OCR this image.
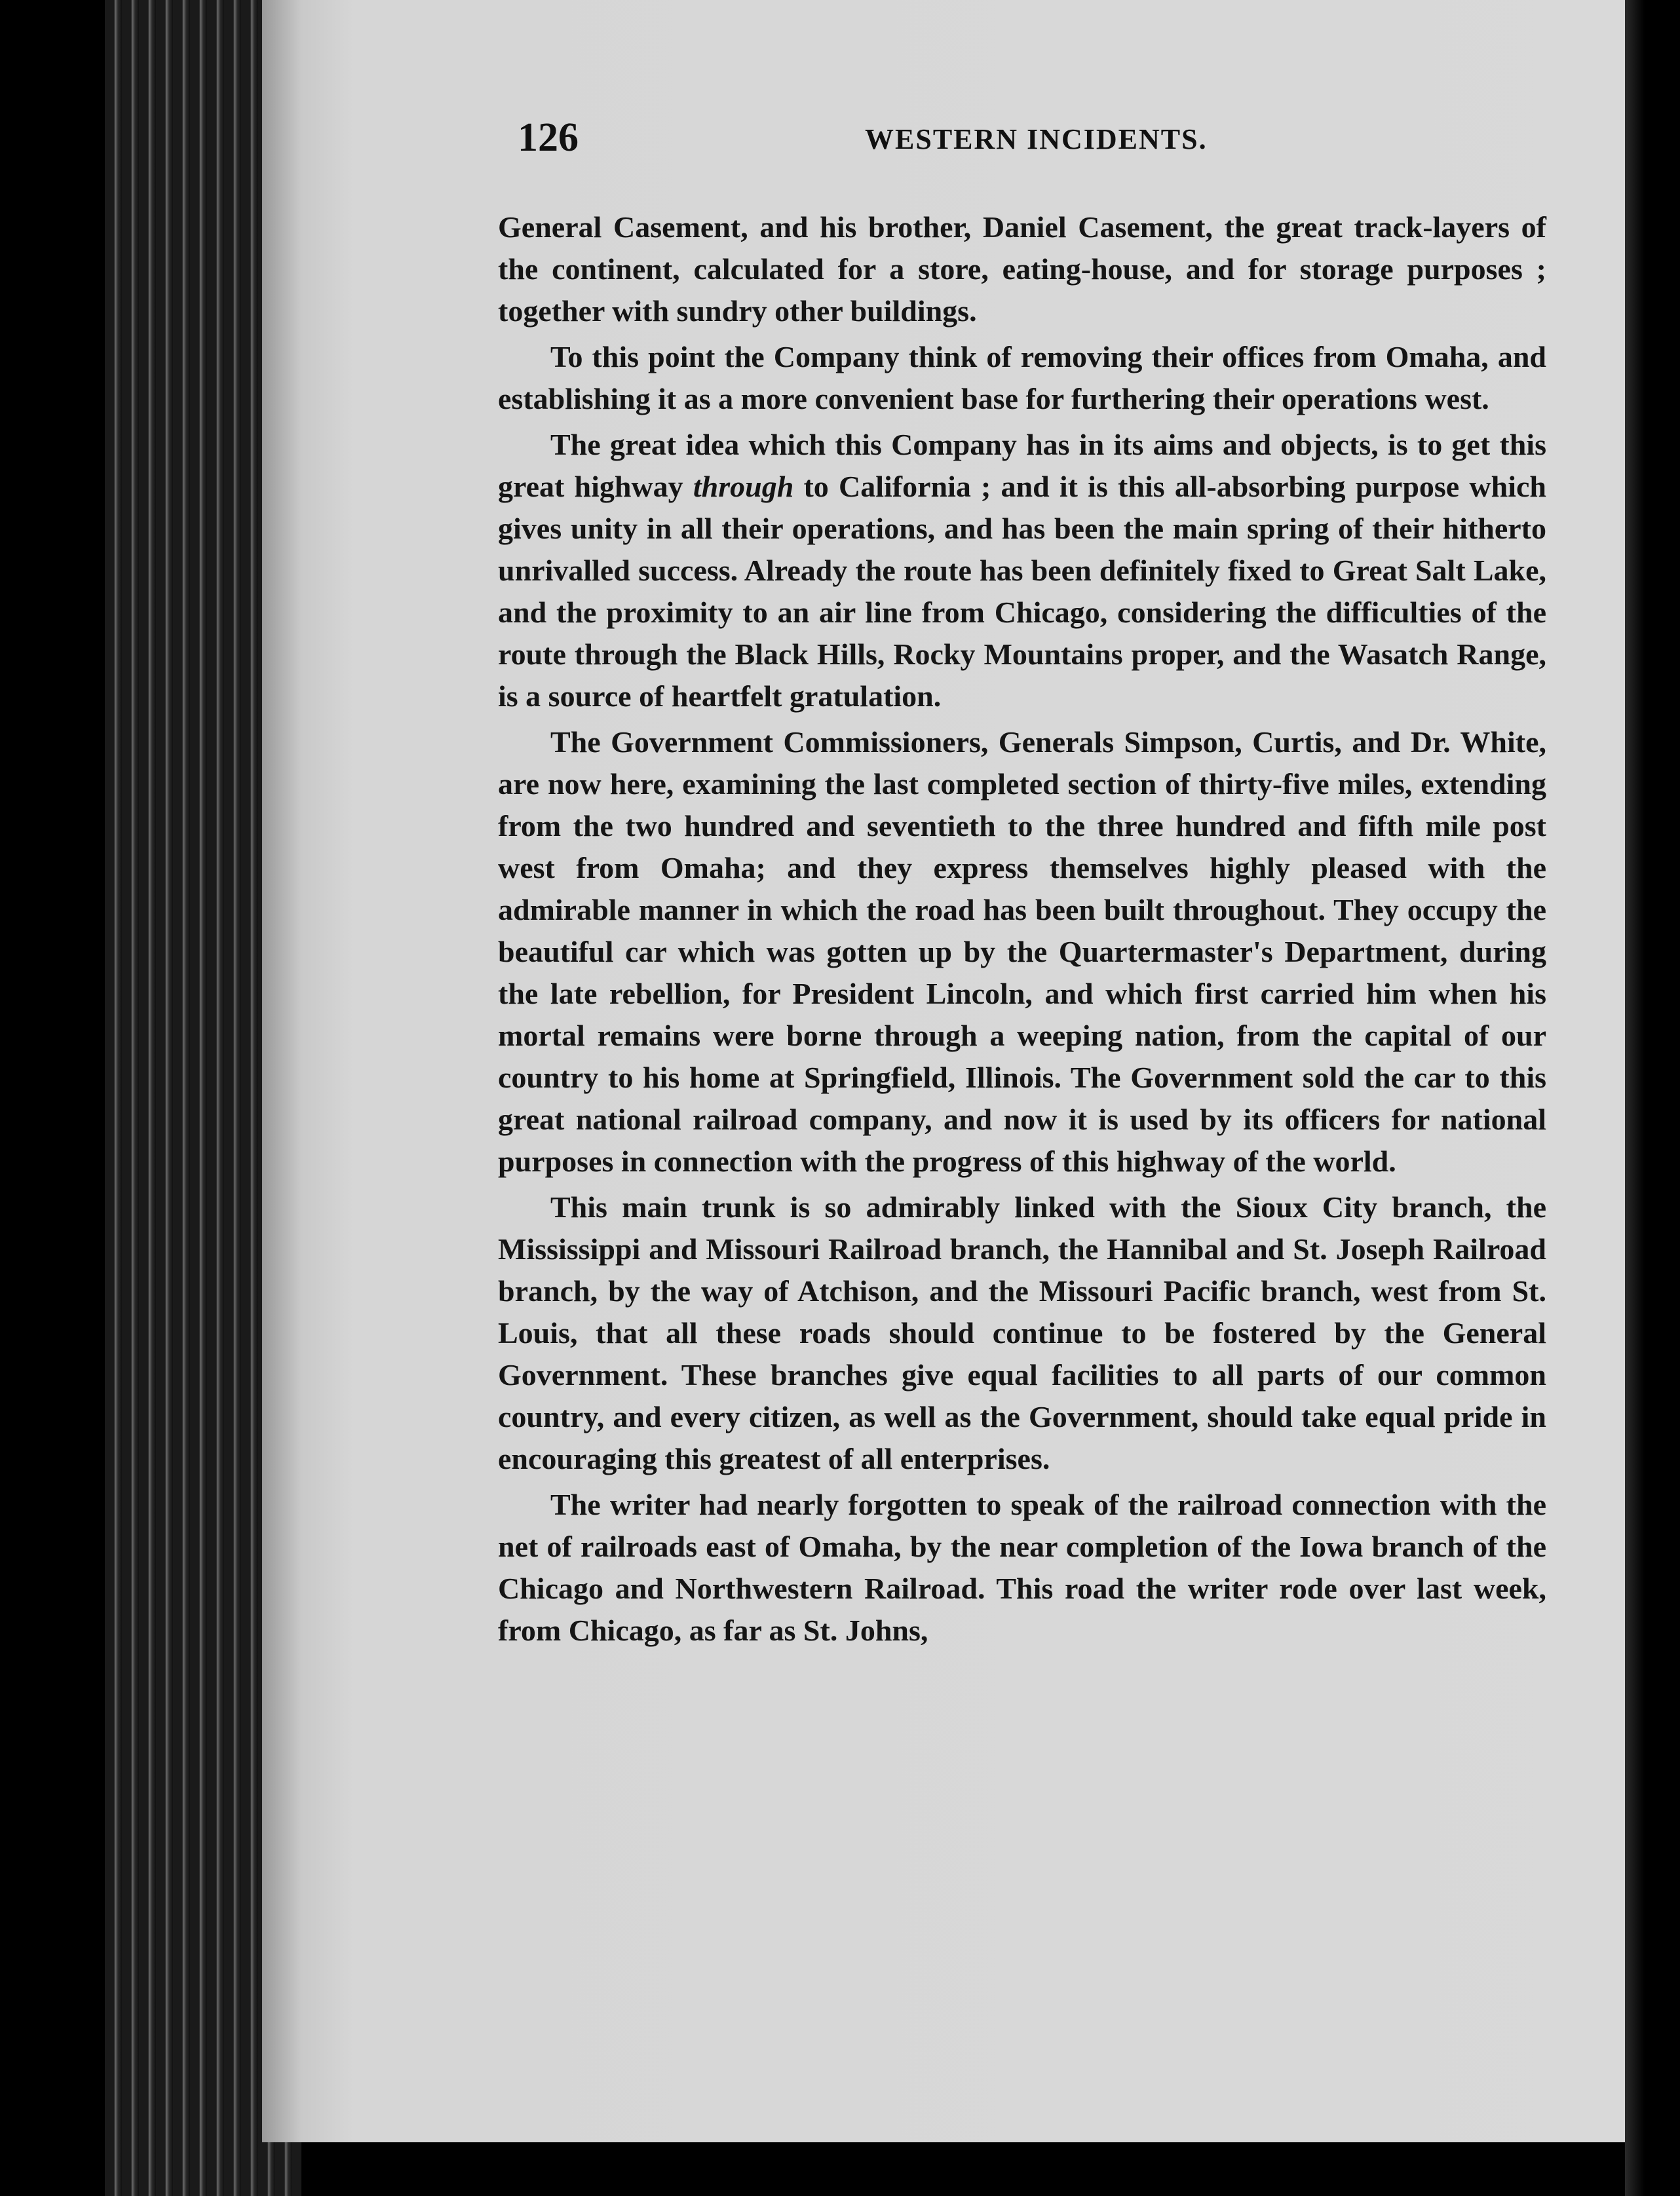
126	WESTERN INCIDENTS.

General Casement, and his brother, Daniel Casement, the great track-layers of the continent, calculated for a store, eating-house, and for storage purposes ; together with sundry other buildings.

To this point the Company think of removing their offices from Omaha, and establishing it as a more convenient base for furthering their operations west.

The great idea which this Company has in its aims and objects, is to get this great highway through to California ; and it is this all-absorbing purpose which gives unity in all their operations, and has been the main spring of their hitherto unrivalled success. Already the route has been definitely fixed to Great Salt Lake, and the proximity to an air line from Chicago, considering the difficulties of the route through the Black Hills, Rocky Mountains proper, and the Wasatch Range, is a source of heartfelt gratulation.

The Government Commissioners, Generals Simpson, Curtis, and Dr. White, are now here, examining the last completed section of thirty-five miles, extending from the two hundred and seventieth to the three hundred and fifth mile post west from Omaha; and they express themselves highly pleased with the admirable manner in which the road has been built throughout. They occupy the beautiful car which was gotten up by the Quartermaster's Department, during the late rebellion, for President Lincoln, and which first carried him when his mortal remains were borne through a weeping nation, from the capital of our country to his home at Springfield, Illinois. The Government sold the car to this great national railroad company, and now it is used by its officers for national purposes in connection with the progress of this highway of the world.

This main trunk is so admirably linked with the Sioux City branch, the Mississippi and Missouri Railroad branch, the Hannibal and St. Joseph Railroad branch, by the way of Atchison, and the Missouri Pacific branch, west from St. Louis, that all these roads should continue to be fostered by the General Government. These branches give equal facilities to all parts of our common country, and every citizen, as well as the Government, should take equal pride in encouraging this greatest of all enterprises.

The writer had nearly forgotten to speak of the railroad connection with the net of railroads east of Omaha, by the near completion of the Iowa branch of the Chicago and Northwestern Railroad. This road the writer rode over last week, from Chicago, as far as St. Johns,
